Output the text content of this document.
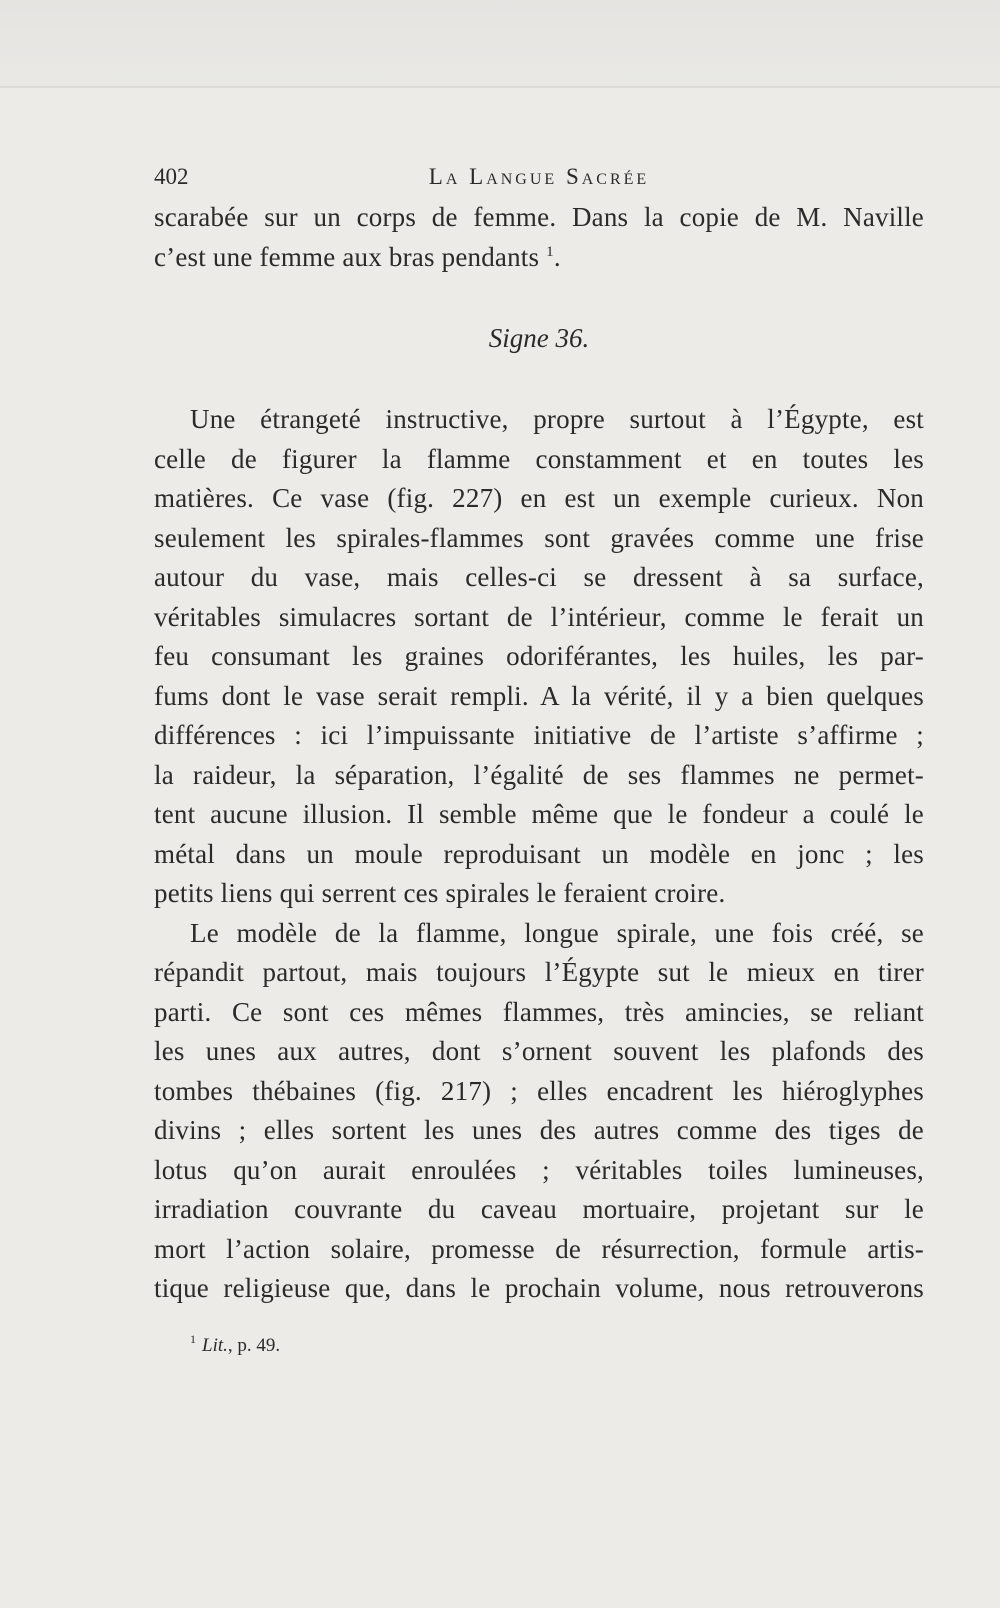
402	La Langue Sacrée

scarabée sur un corps de femme. Dans la copie de M. Naville

c’est une femme aux bras pendants $^1$.

Signe 36.

Une étrangeté instructive, propre surtout à l’Égypte, est

celle de figurer la flamme constamment et en toutes les

matières. Ce vase (fig. 227) en est un exemple curieux. Non

seulement les spirales-flammes sont gravées comme une frise

autour du vase, mais celles-ci se dressent à sa surface,

véritables simulacres sortant de l’intérieur, comme le ferait un

feu consumant les graines odoriférantes, les huiles, les par-

fums dont le vase serait rempli. A la vérité, il y a bien quelques

différences : ici l’impuissante initiative de l’artiste s’affirme ;

la raideur, la séparation, l’égalité de ses flammes ne permet-

tent aucune illusion. Il semble même que le fondeur a coulé le

métal dans un moule reproduisant un modèle en jonc ; les

petits liens qui serrent ces spirales le feraient croire.

Le modèle de la flamme, longue spirale, une fois créé, se

répandit partout, mais toujours l’Égypte sut le mieux en tirer

parti. Ce sont ces mêmes flammes, très amincies, se reliant

les unes aux autres, dont s’ornent souvent les plafonds des

tombes thébaines (fig. 217) ; elles encadrent les hiéroglyphes

divins ; elles sortent les unes des autres comme des tiges de

lotus qu’on aurait enroulées ; véritables toiles lumineuses,

irradiation couvrante du caveau mortuaire, projetant sur le

mort l’action solaire, promesse de résurrection, formule artis-

tique religieuse que, dans le prochain volume, nous retrouverons

$^1$ Lit., p. 49.
